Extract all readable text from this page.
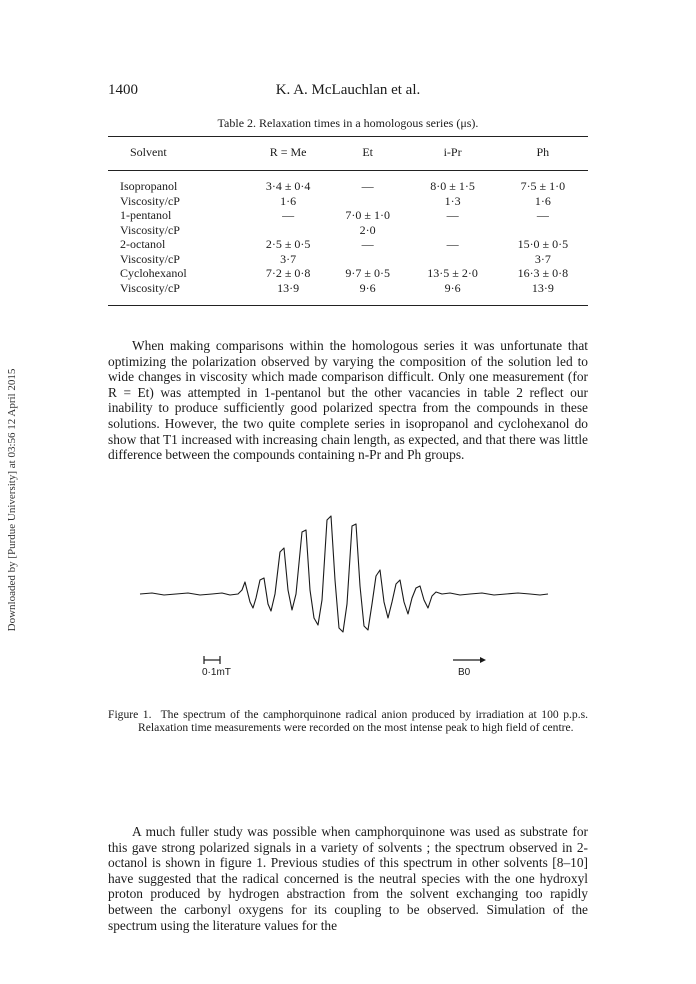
Downloaded by [Purdue University] at 03:56 12 April 2015
1400	K. A. McLauchlan et al.
Table 2. Relaxation times in a homologous series (μs).
Solvent	R = Me	Et	i-Pr	Ph
Isopropanol	3·4 ± 0·4	—	8·0 ± 1·5	7·5 ± 1·0
Viscosity/cP	1·6		1·3	1·6
1-pentanol	—	7·0 ± 1·0	—	—
Viscosity/cP		2·0		
2-octanol	2·5 ± 0·5	—	—	15·0 ± 0·5
Viscosity/cP	3·7			3·7
Cyclohexanol	7·2 ± 0·8	9·7 ± 0·5	13·5 ± 2·0	16·3 ± 0·8
Viscosity/cP	13·9	9·6	9·6	13·9

When making comparisons within the homologous series it was unfortunate that optimizing the polarization observed by varying the composition of the solution led to wide changes in viscosity which made comparison difficult. Only one measurement (for R = Et) was attempted in 1-pentanol but the other vacancies in table 2 reflect our inability to produce sufficiently good polarized spectra from the compounds in these solutions. However, the two quite complete series in isopropanol and cyclohexanol do show that T1 increased with increasing chain length, as expected, and that there was little difference between the compounds containing n-Pr and Ph groups.

0·1mT	B0

Figure 1. The spectrum of the camphorquinone radical anion produced by irradiation at 100 p.p.s. Relaxation time measurements were recorded on the most intense peak to high field of centre.

A much fuller study was possible when camphorquinone was used as substrate for this gave strong polarized signals in a variety of solvents ; the spectrum observed in 2-octanol is shown in figure 1. Previous studies of this spectrum in other solvents [8–10] have suggested that the radical concerned is the neutral species with the one hydroxyl proton produced by hydrogen abstraction from the solvent exchanging too rapidly between the carbonyl oxygens for its coupling to be observed. Simulation of the spectrum using the literature values for the
